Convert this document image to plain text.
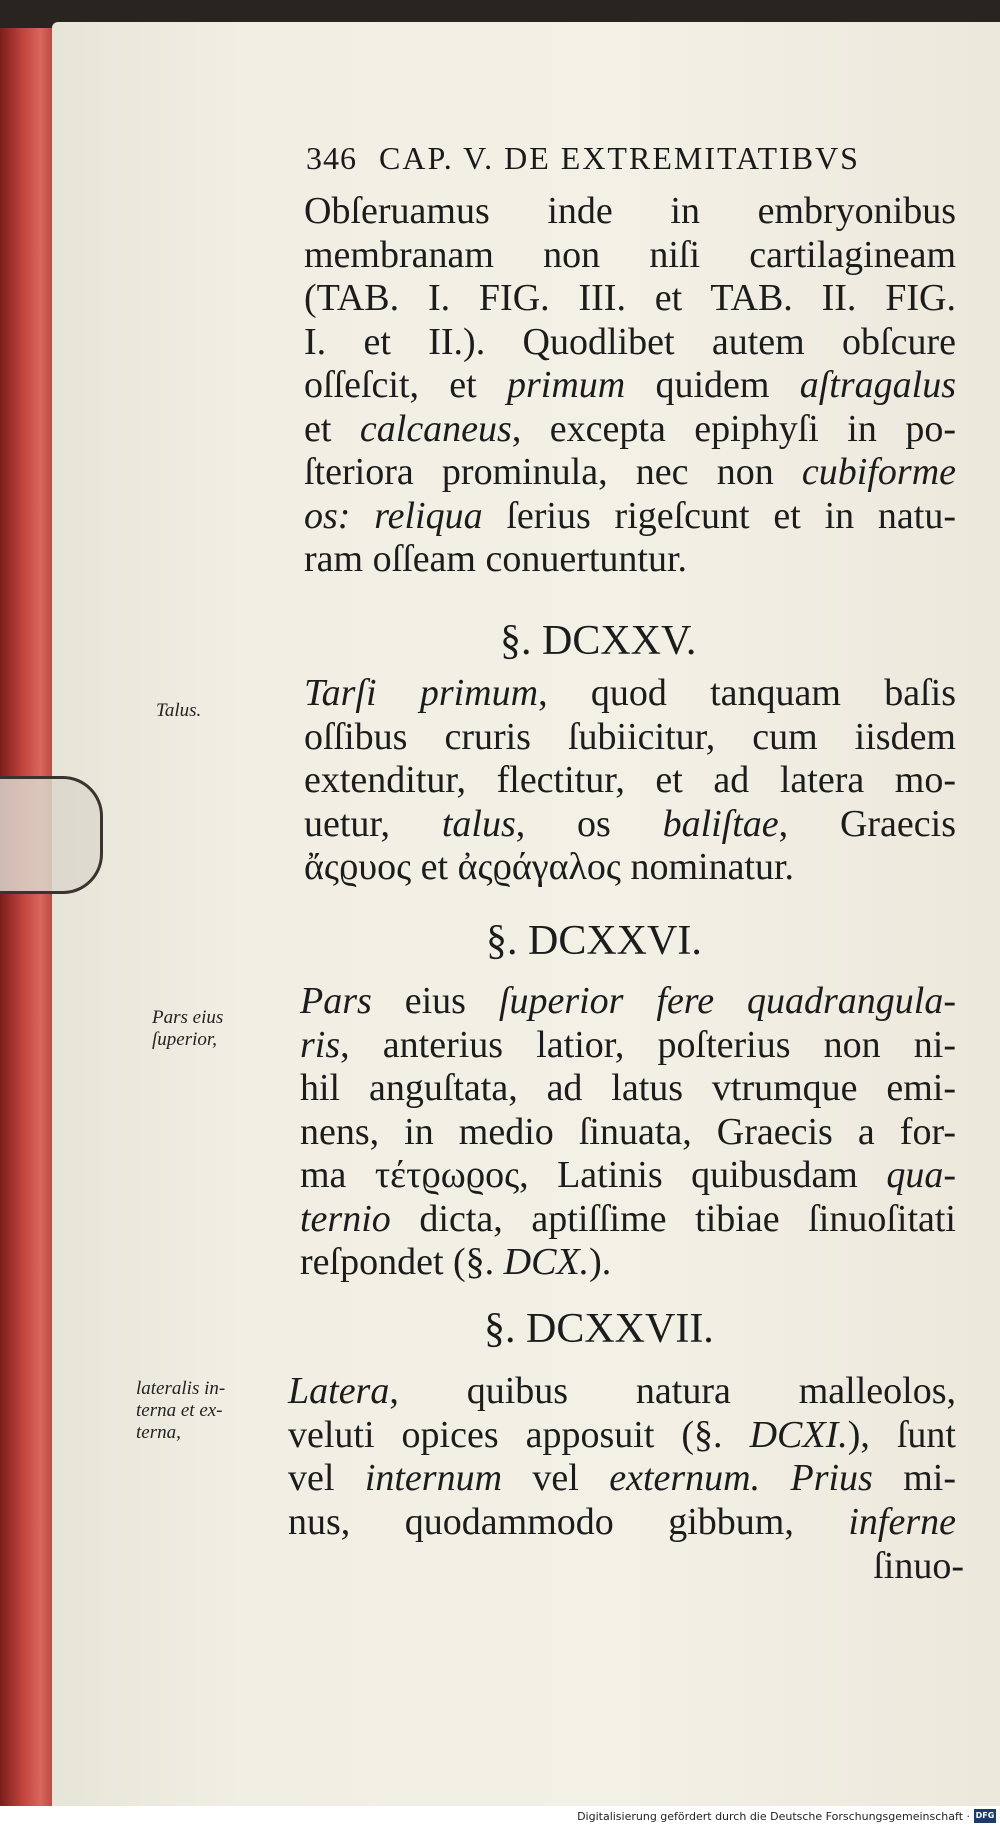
346 CAP. V. DE EXTREMITATIBVS
Obſeruamus inde in embryonibus
membranam non niſi cartilagineam
(TAB. I. FIG. III. et TAB. II. FIG.
I. et II.). Quodlibet autem obſcure
oſſeſcit, et primum quidem aſtragalus
et calcaneus, excepta epiphyſi in po-
ſteriora prominula, nec non cubiforme
os: reliqua ſerius rigeſcunt et in natu-
ram oſſeam conuertuntur.
§. DCXXV.
Talus.	Tarſi primum, quod tanquam baſis
oſſibus cruris ſubiicitur, cum iisdem
extenditur, flectitur, et ad latera mo-
uetur, talus, os baliſtae, Graecis
ἄςϱυος et ἀςϱάγαλος nominatur.
§. DCXXVI.
Pars eius
ſuperior,
Pars eius ſuperior fere quadrangula-
ris, anterius latior, poſterius non ni-
hil anguſtata, ad latus vtrumque emi-
nens, in medio ſinuata, Graecis a for-
ma τέτϱωϱος, Latinis quibusdam qua-
ternio dicta, aptiſſime tibiae ſinuoſitati
reſpondet (§. DCX.).
§. DCXXVII.
lateralis in-
terna et ex-
terna,
Latera, quibus natura malleolos,
veluti opices apposuit (§. DCXI.), ſunt
vel internum vel externum. Prius mi-
nus, quodammodo gibbum, inferne
ſinuo-
Digitalisierung gefördert durch die Deutsche Forschungsgemeinschaft · DFG
